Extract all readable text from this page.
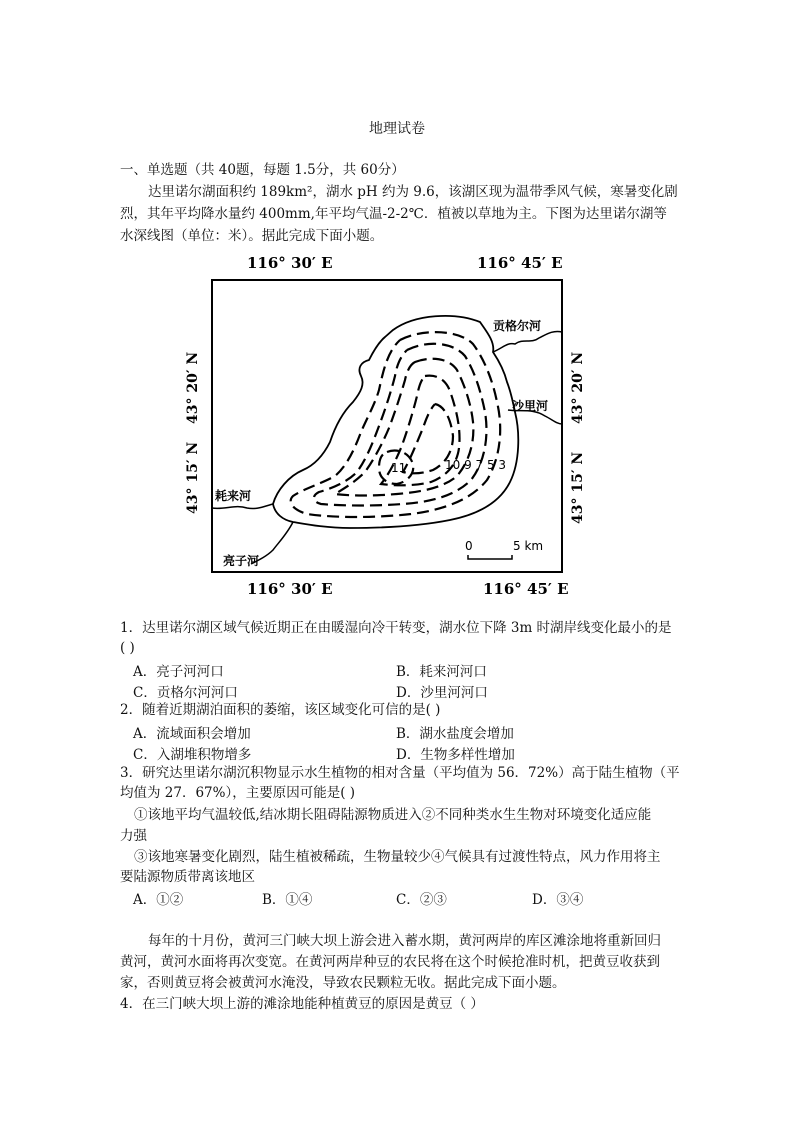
地理试卷
一、单选题（共 40题，每题 1.5分，共 60分）
达里诺尔湖面积约 189km²，湖水 pH 约为 9.6，该湖区现为温带季风气候，寒暑变化剧
烈，其年平均降水量约 400mm,年平均气温-2-2℃．植被以草地为主。下图为达里诺尔湖等
水深线图（单位：米）。据此完成下面小题。
116° 30′ E	116° 45′ E
116° 30′ E	116° 45′ E
43° 20′ N
43° 15′ N
43° 20′ N
43° 15′ N
11	10 9 7 5 3
贡格尔河
沙里河
耗来河
亮子河
0	5 km
1．达里诺尔湖区域气候近期正在由暖湿向冷干转变，湖水位下降 3m 时湖岸线变化最小的是
( )
A．亮子河河口	B．耗来河河口
C．贡格尔河河口	D．沙里河河口
2．随着近期湖泊面积的萎缩，该区域变化可信的是( )
A．流域面积会增加	B．湖水盐度会增加
C．入湖堆积物增多	D．生物多样性增加
3．研究达里诺尔湖沉积物显示水生植物的相对含量（平均值为 56．72%）高于陆生植物（平
均值为 27．67%），主要原因可能是( )
①该地平均气温较低,结冰期长阻碍陆源物质进入②不同种类水生生物对环境变化适应能
力强
③该地寒暑变化剧烈，陆生植被稀疏，生物量较少④气候具有过渡性特点，风力作用将主
要陆源物质带离该地区
A．①②	B．①④	C．②③	D．③④
每年的十月份，黄河三门峡大坝上游会进入蓄水期，黄河两岸的库区滩涂地将重新回归
黄河，黄河水面将再次变宽。在黄河两岸种豆的农民将在这个时候抢准时机，把黄豆收获到
家，否则黄豆将会被黄河水淹没，导致农民颗粒无收。据此完成下面小题。
4．在三门峡大坝上游的滩涂地能种植黄豆的原因是黄豆（ ）
